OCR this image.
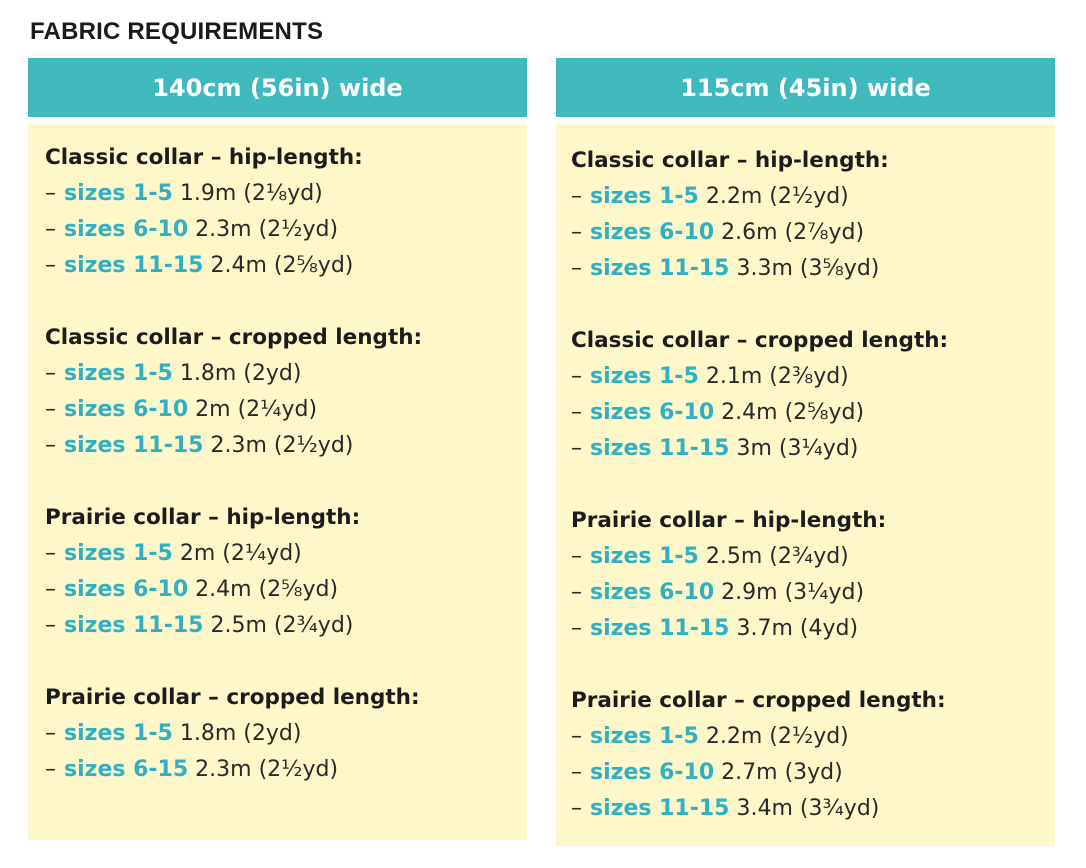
FABRIC REQUIREMENTS
140cm (56in) wide
Classic collar – hip-length:
– sizes 1-5 1.9m (2⅛yd)
– sizes 6-10 2.3m (2½yd)
– sizes 11-15 2.4m (2⅝yd)
Classic collar – cropped length:
– sizes 1-5 1.8m (2yd)
– sizes 6-10 2m (2¼yd)
– sizes 11-15 2.3m (2½yd)
Prairie collar – hip-length:
– sizes 1-5 2m (2¼yd)
– sizes 6-10 2.4m (2⅝yd)
– sizes 11-15 2.5m (2¾yd)
Prairie collar – cropped length:
– sizes 1-5 1.8m (2yd)
– sizes 6-15 2.3m (2½yd)
115cm (45in) wide
Classic collar – hip-length:
– sizes 1-5 2.2m (2½yd)
– sizes 6-10 2.6m (2⅞yd)
– sizes 11-15 3.3m (3⅝yd)
Classic collar – cropped length:
– sizes 1-5 2.1m (2⅜yd)
– sizes 6-10 2.4m (2⅝yd)
– sizes 11-15 3m (3¼yd)
Prairie collar – hip-length:
– sizes 1-5 2.5m (2¾yd)
– sizes 6-10 2.9m (3¼yd)
– sizes 11-15 3.7m (4yd)
Prairie collar – cropped length:
– sizes 1-5 2.2m (2½yd)
– sizes 6-10 2.7m (3yd)
– sizes 11-15 3.4m (3¾yd)
